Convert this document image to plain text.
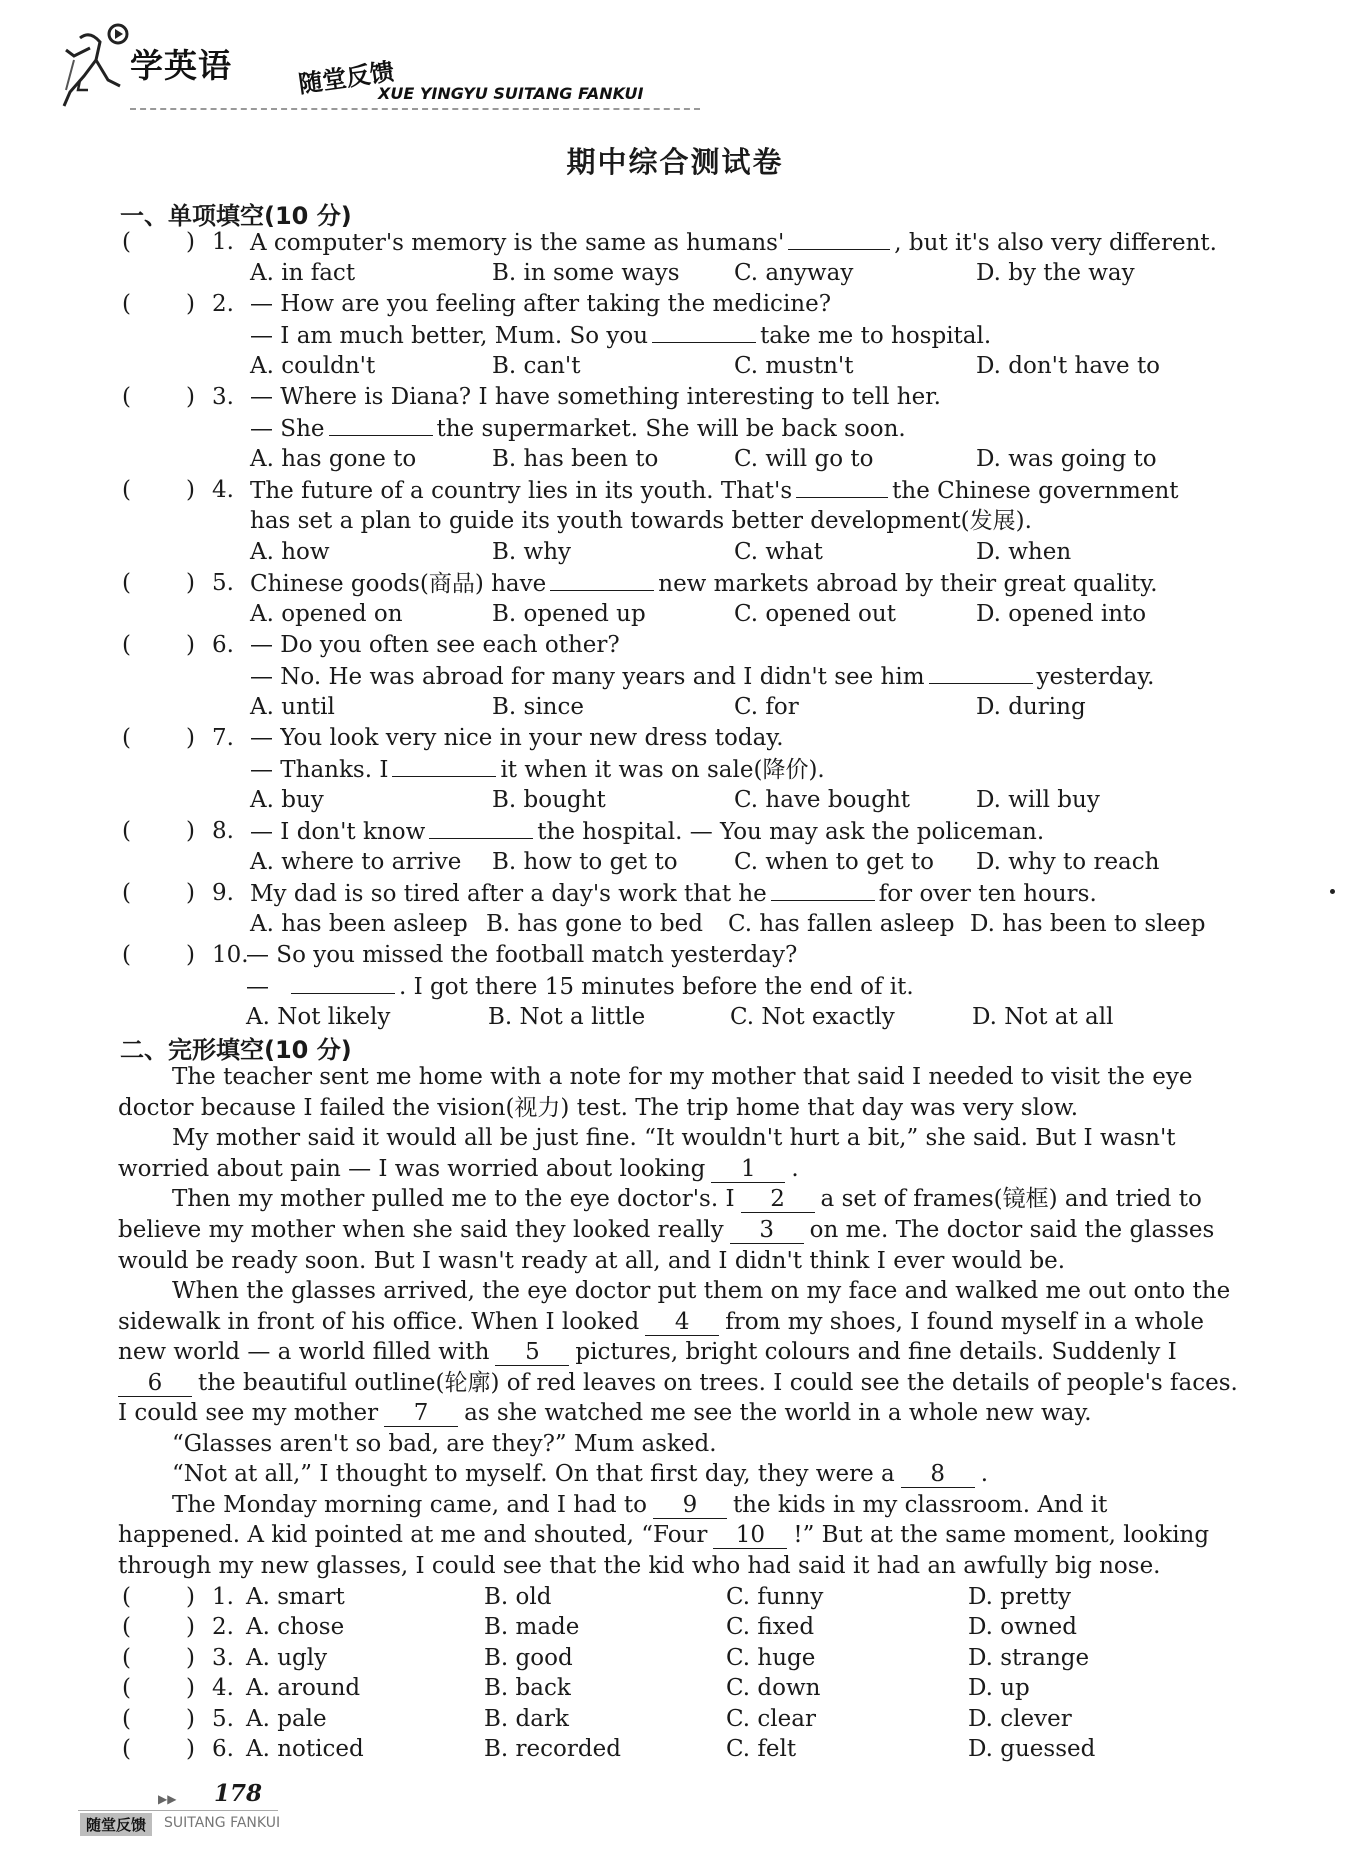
学英语	随堂反馈
XUE YINGYU SUITANG FANKUI
期中综合测试卷
一、单项填空(10 分)
( ) 1. A computer's memory is the same as humans'	, but it's also very different.
A. in fact	B. in some ways C. anyway	D. by the way
( ) 2. — How are you feeling after taking the medicine?
— I am much better, Mum. So you	take me to hospital.
A. couldn't	B. can't	C. mustn't	D. don't have to
( ) 3. — Where is Diana? I have something interesting to tell her.
— She	the supermarket. She will be back soon.
A. has gone to	B. has been to	C. will go to	D. was going to
( ) 4. The future of a country lies in its youth. That's	the Chinese government
has set a plan to guide its youth towards better development(发展).
A. how	B. why	C. what	D. when
( ) 5. Chinese goods(商品) have	new markets abroad by their great quality.
A. opened on	B. opened up	C. opened out	D. opened into
( ) 6. — Do you often see each other?
— No. He was abroad for many years and I didn't see him	yesterday.
A. until	B. since	C. for	D. during
( ) 7. — You look very nice in your new dress today.
— Thanks. I	it when it was on sale(降价).
A. buy	B. bought	C. have bought	D. will buy
( ) 8. — I don't know	the hospital. — You may ask the policeman.
A. where to arrive B. how to get to C. when to get to D. why to reach
( ) 9. My dad is so tired after a day's work that he	for over ten hours.
A. has been asleep B. has gone to bed C. has fallen asleep D. has been to sleep
( ) 10.
— So you missed the football match yesterday?
—	. I got there 15 minutes before the end of it.
A. Not likely	B. Not a little	C. Not exactly	D. Not at all
二、完形填空(10 分)
The teacher sent me home with a note for my mother that said I needed to visit the eye
doctor because I failed the vision(视力) test. The trip home that day was very slow.
My mother said it would all be just fine. “It wouldn't hurt a bit,” she said. But I wasn't
worried about pain — I was worried about looking 1 .
Then my mother pulled me to the eye doctor's. I 2 a set of frames(镜框) and tried to
believe my mother when she said they looked really 3 on me. The doctor said the glasses
would be ready soon. But I wasn't ready at all, and I didn't think I ever would be.
When the glasses arrived, the eye doctor put them on my face and walked me out onto the
sidewalk in front of his office. When I looked 4 from my shoes, I found myself in a whole
new world — a world filled with 5 pictures, bright colours and fine details. Suddenly I
6 the beautiful outline(轮廓) of red leaves on trees. I could see the details of people's faces.
I could see my mother 7 as she watched me see the world in a whole new way.
“Glasses aren't so bad, are they?” Mum asked.
“Not at all,” I thought to myself. On that first day, they were a 8 .
The Monday morning came, and I had to 9 the kids in my classroom. And it
happened. A kid pointed at me and shouted, “Four 10 !” But at the same moment, looking
through my new glasses, I could see that the kid who had said it had an awfully big nose.
( ) 1. A. smart	B. old	C. funny	D. pretty
( ) 2. A. chose	B. made	C. fixed	D. owned
( ) 3. A. ugly	B. good	C. huge	D. strange
( ) 4. A. around	B. back	C. down	D. up
( ) 5. A. pale	B. dark	C. clear	D. clever
( ) 6. A. noticed	B. recorded	C. felt	D. guessed
▶▶ 178
随堂反馈	SUITANG FANKUI
